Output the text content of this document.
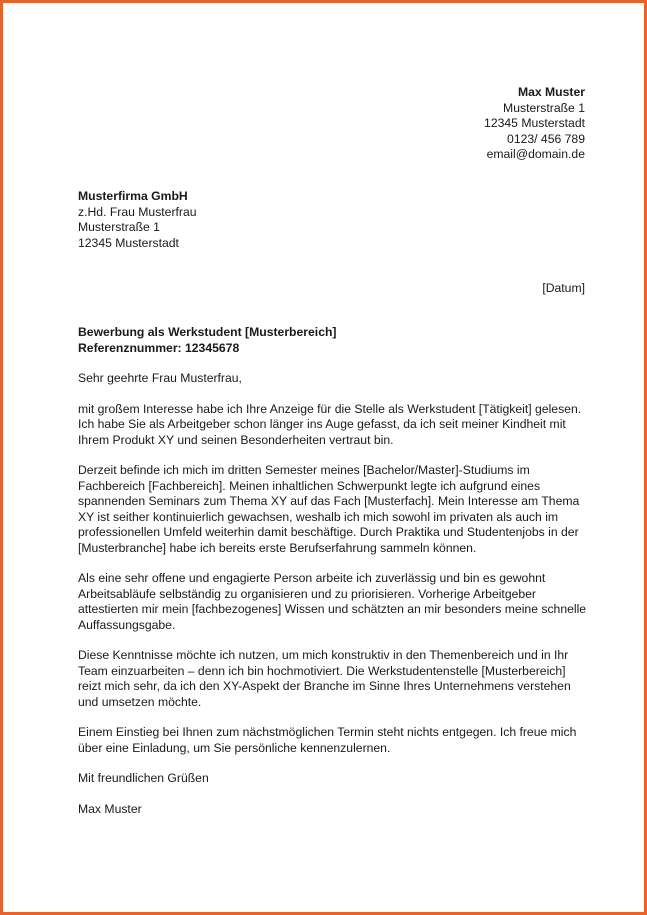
Max Muster
Musterstraße 1
12345 Musterstadt
0123/ 456 789
email@domain.de
Musterfirma GmbH
z.Hd. Frau Musterfrau
Musterstraße 1
12345 Musterstadt
[Datum]
Bewerbung als Werkstudent [Musterbereich]
Referenznummer: 12345678

Sehr geehrte Frau Musterfrau,

mit großem Interesse habe ich Ihre Anzeige für die Stelle als Werkstudent [Tätigkeit] gelesen. Ich habe Sie als Arbeitgeber schon länger ins Auge gefasst, da ich seit meiner Kindheit mit Ihrem Produkt XY und seinen Besonderheiten vertraut bin.

Derzeit befinde ich mich im dritten Semester meines [Bachelor/Master]-Studiums im Fachbereich [Fachbereich]. Meinen inhaltlichen Schwerpunkt legte ich aufgrund eines spannenden Seminars zum Thema XY auf das Fach [Musterfach]. Mein Interesse am Thema XY ist seither kontinuierlich gewachsen, weshalb ich mich sowohl im privaten als auch im professionellen Umfeld weiterhin damit beschäftige. Durch Praktika und Studentenjobs in der [Musterbranche] habe ich bereits erste Berufserfahrung sammeln können.

Als eine sehr offene und engagierte Person arbeite ich zuverlässig und bin es gewohnt Arbeitsabläufe selbständig zu organisieren und zu priorisieren. Vorherige Arbeitgeber attestierten mir mein [fachbezogenes] Wissen und schätzten an mir besonders meine schnelle Auffassungsgabe.

Diese Kenntnisse möchte ich nutzen, um mich konstruktiv in den Themenbereich und in Ihr Team einzuarbeiten – denn ich bin hochmotiviert. Die Werkstudentenstelle [Musterbereich] reizt mich sehr, da ich den XY-Aspekt der Branche im Sinne Ihres Unternehmens verstehen und umsetzen möchte.

Einem Einstieg bei Ihnen zum nächstmöglichen Termin steht nichts entgegen. Ich freue mich über eine Einladung, um Sie persönliche kennenzulernen.

Mit freundlichen Grüßen

Max Muster
